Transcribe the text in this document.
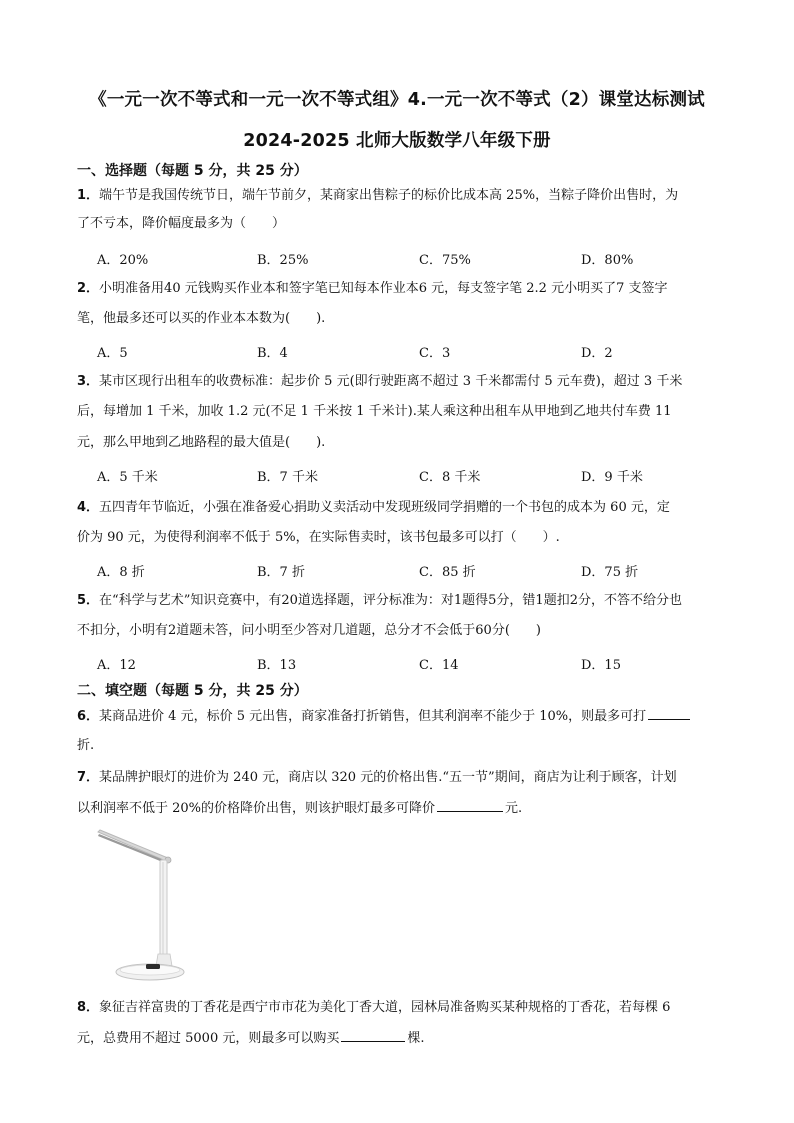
《一元一次不等式和一元一次不等式组》4.一元一次不等式（2）课堂达标测试
2024-2025 北师大版数学八年级下册
一、选择题（每题 5 分，共 25 分）
1．端午节是我国传统节日，端午节前夕，某商家出售粽子的标价比成本高 25%，当粽子降价出售时，为
了不亏本，降价幅度最多为（　　）
A．20%	B．25%	C．75%	D．80%
2．小明准备用40 元钱购买作业本和签字笔已知每本作业本6 元，每支签字笔 2.2 元小明买了7 支签字
笔，他最多还可以买的作业本本数为(　　).
A．5	B．4	C．3	D．2
3．某市区现行出租车的收费标准：起步价 5 元(即行驶距离不超过 3 千米都需付 5 元车费)，超过 3 千米
后，每增加 1 千米，加收 1.2 元(不足 1 千米按 1 千米计).某人乘这种出租车从甲地到乙地共付车费 11
元，那么甲地到乙地路程的最大值是(　　).
A．5 千米	B．7 千米	C．8 千米	D．9 千米
4．五四青年节临近，小强在准备爱心捐助义卖活动中发现班级同学捐赠的一个书包的成本为 60 元，定
价为 90 元，为使得利润率不低于 5%，在实际售卖时，该书包最多可以打（　　）.
A．8 折	B．7 折	C．85 折	D．75 折
5．在“科学与艺术”知识竞赛中，有20道选择题，评分标准为：对1题得5分，错1题扣2分，不答不给分也
不扣分，小明有2道题未答，问小明至少答对几道题，总分才不会低于60分(　　)
A．12	B．13	C．14	D．15
二、填空题（每题 5 分，共 25 分）
6．某商品进价 4 元，标价 5 元出售，商家准备打折销售，但其利润率不能少于 10%，则最多可打
折.
7．某品牌护眼灯的进价为 240 元，商店以 320 元的价格出售.“五一节”期间，商店为让利于顾客，计划
以利润率不低于 20%的价格降价出售，则该护眼灯最多可降价	元.
8．象征吉祥富贵的丁香花是西宁市市花为美化丁香大道，园林局准备购买某种规格的丁香花，若每棵 6
元，总费用不超过 5000 元，则最多可以购买	棵.
